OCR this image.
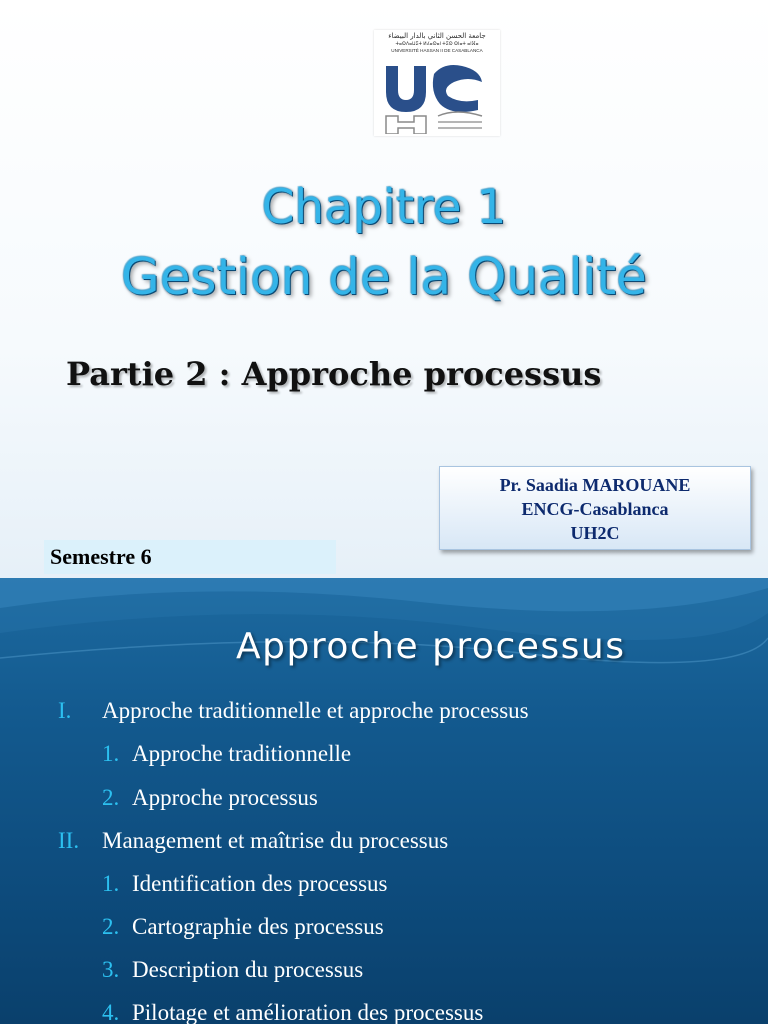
جامعة الحسن الثاني بالدار البيضاء
ⵜⴰⵙⴷⴰⵡⵉⵜ ⵍⵃⴰⵙⴰⵏ ⵜⵉⵙ ⵙⵏⴰⵜ ⴰⵏⴼⴰ
UNIVERSITÉ HASSAN II DE CASABLANCA
Chapitre 1
Gestion de la Qualité
Partie 2 : Approche processus
Pr. Saadia MAROUANE
ENCG-Casablanca
UH2C
Semestre 6
Approche processus
I. Approche traditionnelle et approche processus
1. Approche traditionnelle
2. Approche processus
II. Management et maîtrise du processus
1. Identification des processus
2. Cartographie des processus
3. Description du processus
4. Pilotage et amélioration des processus
